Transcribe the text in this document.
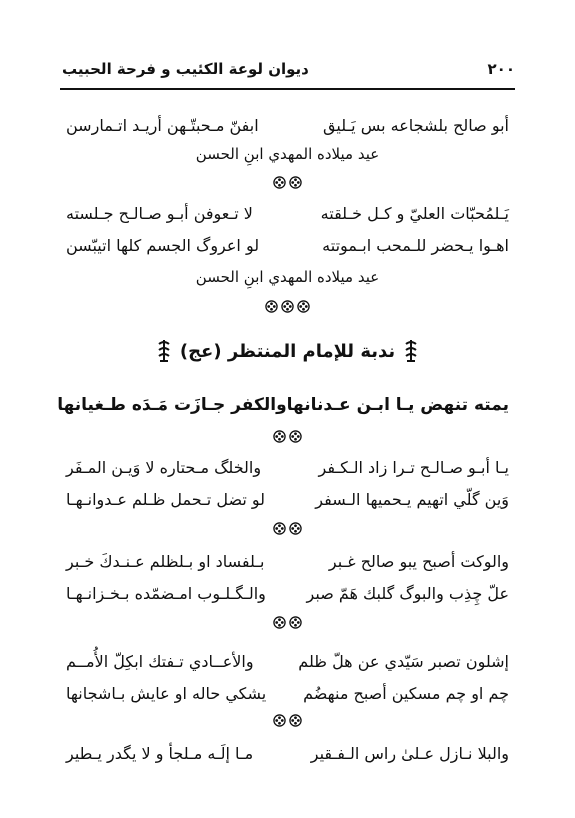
٢٠٠
ديوان لوعة الكئيب و فرحة الحبيب
أبو صالح بلشجاعه بس يَـليق
ابفنّ مـحبتّـهن أريـد اتـمارسن
عيد ميلاده المهدي ابنِ الحسن
يَـلمُحبّات العليّ و كـل خـلقته
لا تـعوفن أبـو صـالـح جـلسته
اهـوا يـحضر للـمحب ابـموتته
لو اعروگ الجسم كلها اتيبّسن
عيد ميلاده المهدي ابنِ الحسن
ندبة للإمام المنتظر (عج)
يمته تنهض يـا ابـن عـدنانها
والكفر جـازَت مَـدَه طـغيانها
يـا أبـو صـالـح تـرا زاد الـكـفر
والخلگ مـحتاره لا وَيـن المـفَر
وَين گلّي اتهيم يـحميها الـسفر
لو تضل تـحمل ظـلم عـدوانـهـا
والوكت أصبح يبو صالح غـبر
بـلفساد او بـلظلم عـنـدكَ خـبر
علّ چِذِب والبوگ گلبك هَمّ صبر
والـگـلـوب امـضمّده بـخـزانـهـا
إشلون تصبر سَيّدي عن هلّ ظلم
والأعــادي تـفتك ابكِلّ الأُمــم
چم او چم مسكين أصبح منهضُم
يشكي حاله او عايش بـاشجانها
والبلا نـازل عـلىٰ راس الـفـقير
مـا إلَـه مـلجأ و لا يگدر يـطير
